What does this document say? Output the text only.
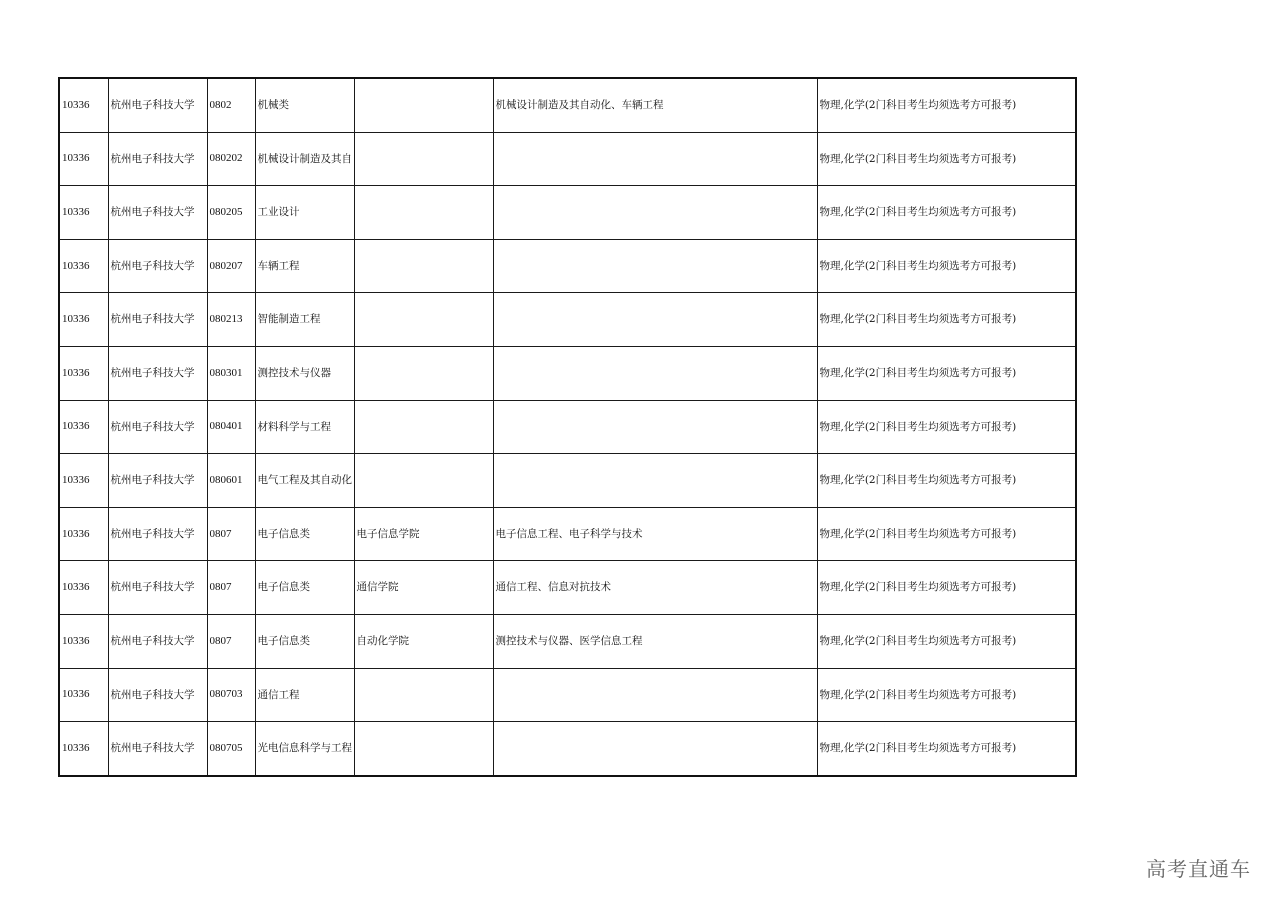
10336	杭州电子科技大学	0802	机械类		机械设计制造及其自动化、车辆工程	物理,化学(2门科目考生均须选考方可报考)
10336	杭州电子科技大学	080202	机械设计制造及其自			物理,化学(2门科目考生均须选考方可报考)
10336	杭州电子科技大学	080205	工业设计			物理,化学(2门科目考生均须选考方可报考)
10336	杭州电子科技大学	080207	车辆工程			物理,化学(2门科目考生均须选考方可报考)
10336	杭州电子科技大学	080213	智能制造工程			物理,化学(2门科目考生均须选考方可报考)
10336	杭州电子科技大学	080301	测控技术与仪器			物理,化学(2门科目考生均须选考方可报考)
10336	杭州电子科技大学	080401	材料科学与工程			物理,化学(2门科目考生均须选考方可报考)
10336	杭州电子科技大学	080601	电气工程及其自动化			物理,化学(2门科目考生均须选考方可报考)
10336	杭州电子科技大学	0807	电子信息类	电子信息学院	电子信息工程、电子科学与技术	物理,化学(2门科目考生均须选考方可报考)
10336	杭州电子科技大学	0807	电子信息类	通信学院	通信工程、信息对抗技术	物理,化学(2门科目考生均须选考方可报考)
10336	杭州电子科技大学	0807	电子信息类	自动化学院	测控技术与仪器、医学信息工程	物理,化学(2门科目考生均须选考方可报考)
10336	杭州电子科技大学	080703	通信工程			物理,化学(2门科目考生均须选考方可报考)
10336	杭州电子科技大学	080705	光电信息科学与工程			物理,化学(2门科目考生均须选考方可报考)
高考直通车
